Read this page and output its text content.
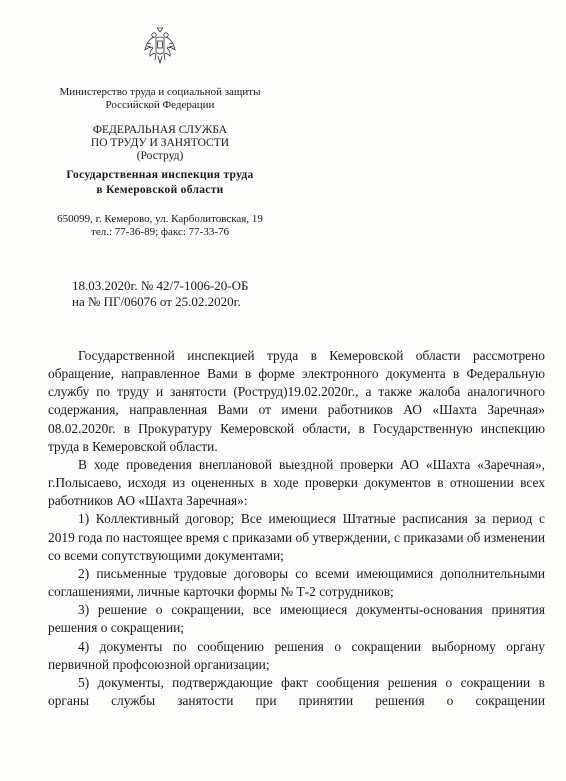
Министерство труда и социальной защиты
Российской Федерации
ФЕДЕРАЛЬНАЯ СЛУЖБА
ПО ТРУДУ И ЗАНЯТОСТИ
(Роструд)
Государственная инспекция труда
в Кемеровской области
650099, г. Кемерово, ул. Карболитовская, 19
тел.: 77-36-89; факс: 77-33-76
18.03.2020г. № 42/7-1006-20-ОБ
на № ПГ/06076 от 25.02.2020г.

Государственной инспекцией труда в Кемеровской области рассмотрено обращение, направленное Вами в форме электронного документа в Федеральную службу по труду и занятости (Роструд)19.02.2020г., а также жалоба аналогичного содержания, направленная Вами от имени работников АО «Шахта Заречная» 08.02.2020г. в Прокуратуру Кемеровской области, в Государственную инспекцию труда в Кемеровской области.

В ходе проведения внеплановой выездной проверки АО «Шахта «Заречная», г.Полысаево, исходя из оцененных в ходе проверки документов в отношении всех работников АО «Шахта Заречная»:

1) Коллективный договор; Все имеющиеся Штатные расписания за период с 2019 года по настоящее время с приказами об утверждении, с приказами об изменении со всеми сопутствующими документами;

2) письменные трудовые договоры со всеми имеющимися дополнительными соглашениями, личные карточки формы № Т-2 сотрудников;

3) решение о сокращении, все имеющиеся документы-основания принятия решения о сокращении;

4) документы по сообщению решения о сокращении выборному органу первичной профсоюзной организации;

5) документы, подтверждающие факт сообщения решения о сокращении в органы службы занятости при принятии решения о сокращении
